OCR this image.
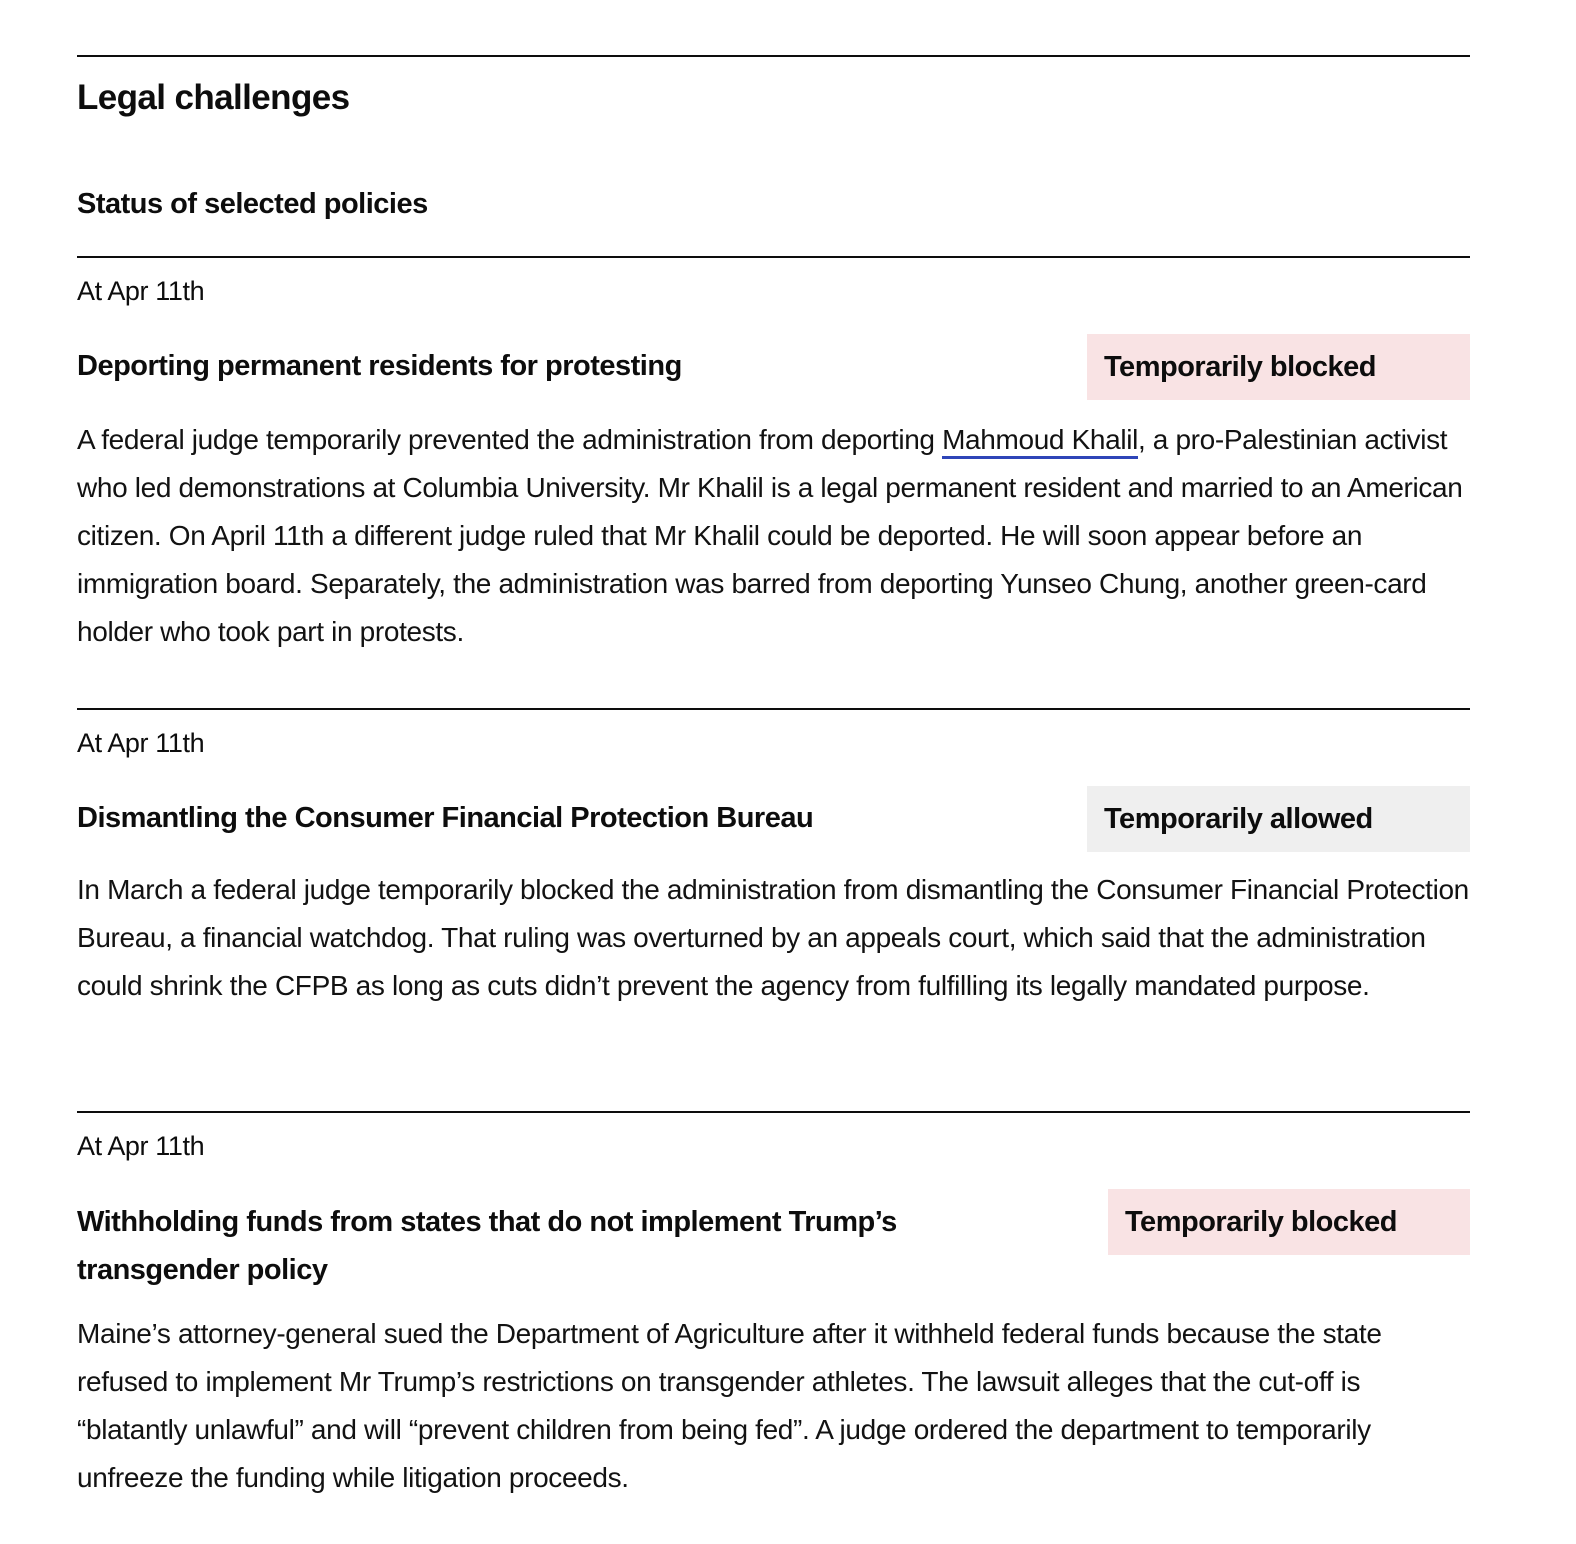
Legal challenges
Status of selected policies
At Apr 11th
Deporting permanent residents for protesting	Temporarily blocked

A federal judge temporarily prevented the administration from deporting Mahmoud Khalil, a pro-Palestinian activist who led demonstrations at Columbia University. Mr Khalil is a legal permanent resident and married to an American citizen. On April 11th a different judge ruled that Mr Khalil could be deported. He will soon appear before an immigration board. Separately, the administration was barred from deporting Yunseo Chung, another green-card holder who took part in protests.

At Apr 11th
Dismantling the Consumer Financial Protection Bureau	Temporarily allowed

In March a federal judge temporarily blocked the administration from dismantling the Consumer Financial Protection Bureau, a financial watchdog. That ruling was overturned by an appeals court, which said that the administration could shrink the CFPB as long as cuts didn’t prevent the agency from fulfilling its legally mandated purpose.

At Apr 11th
Withholding funds from states that do not implement Trump’s transgender policy
Temporarily blocked

Maine’s attorney-general sued the Department of Agriculture after it withheld federal funds because the state refused to implement Mr Trump’s restrictions on transgender athletes. The lawsuit alleges that the cut-off is “blatantly unlawful” and will “prevent children from being fed”. A judge ordered the department to temporarily unfreeze the funding while litigation proceeds.
